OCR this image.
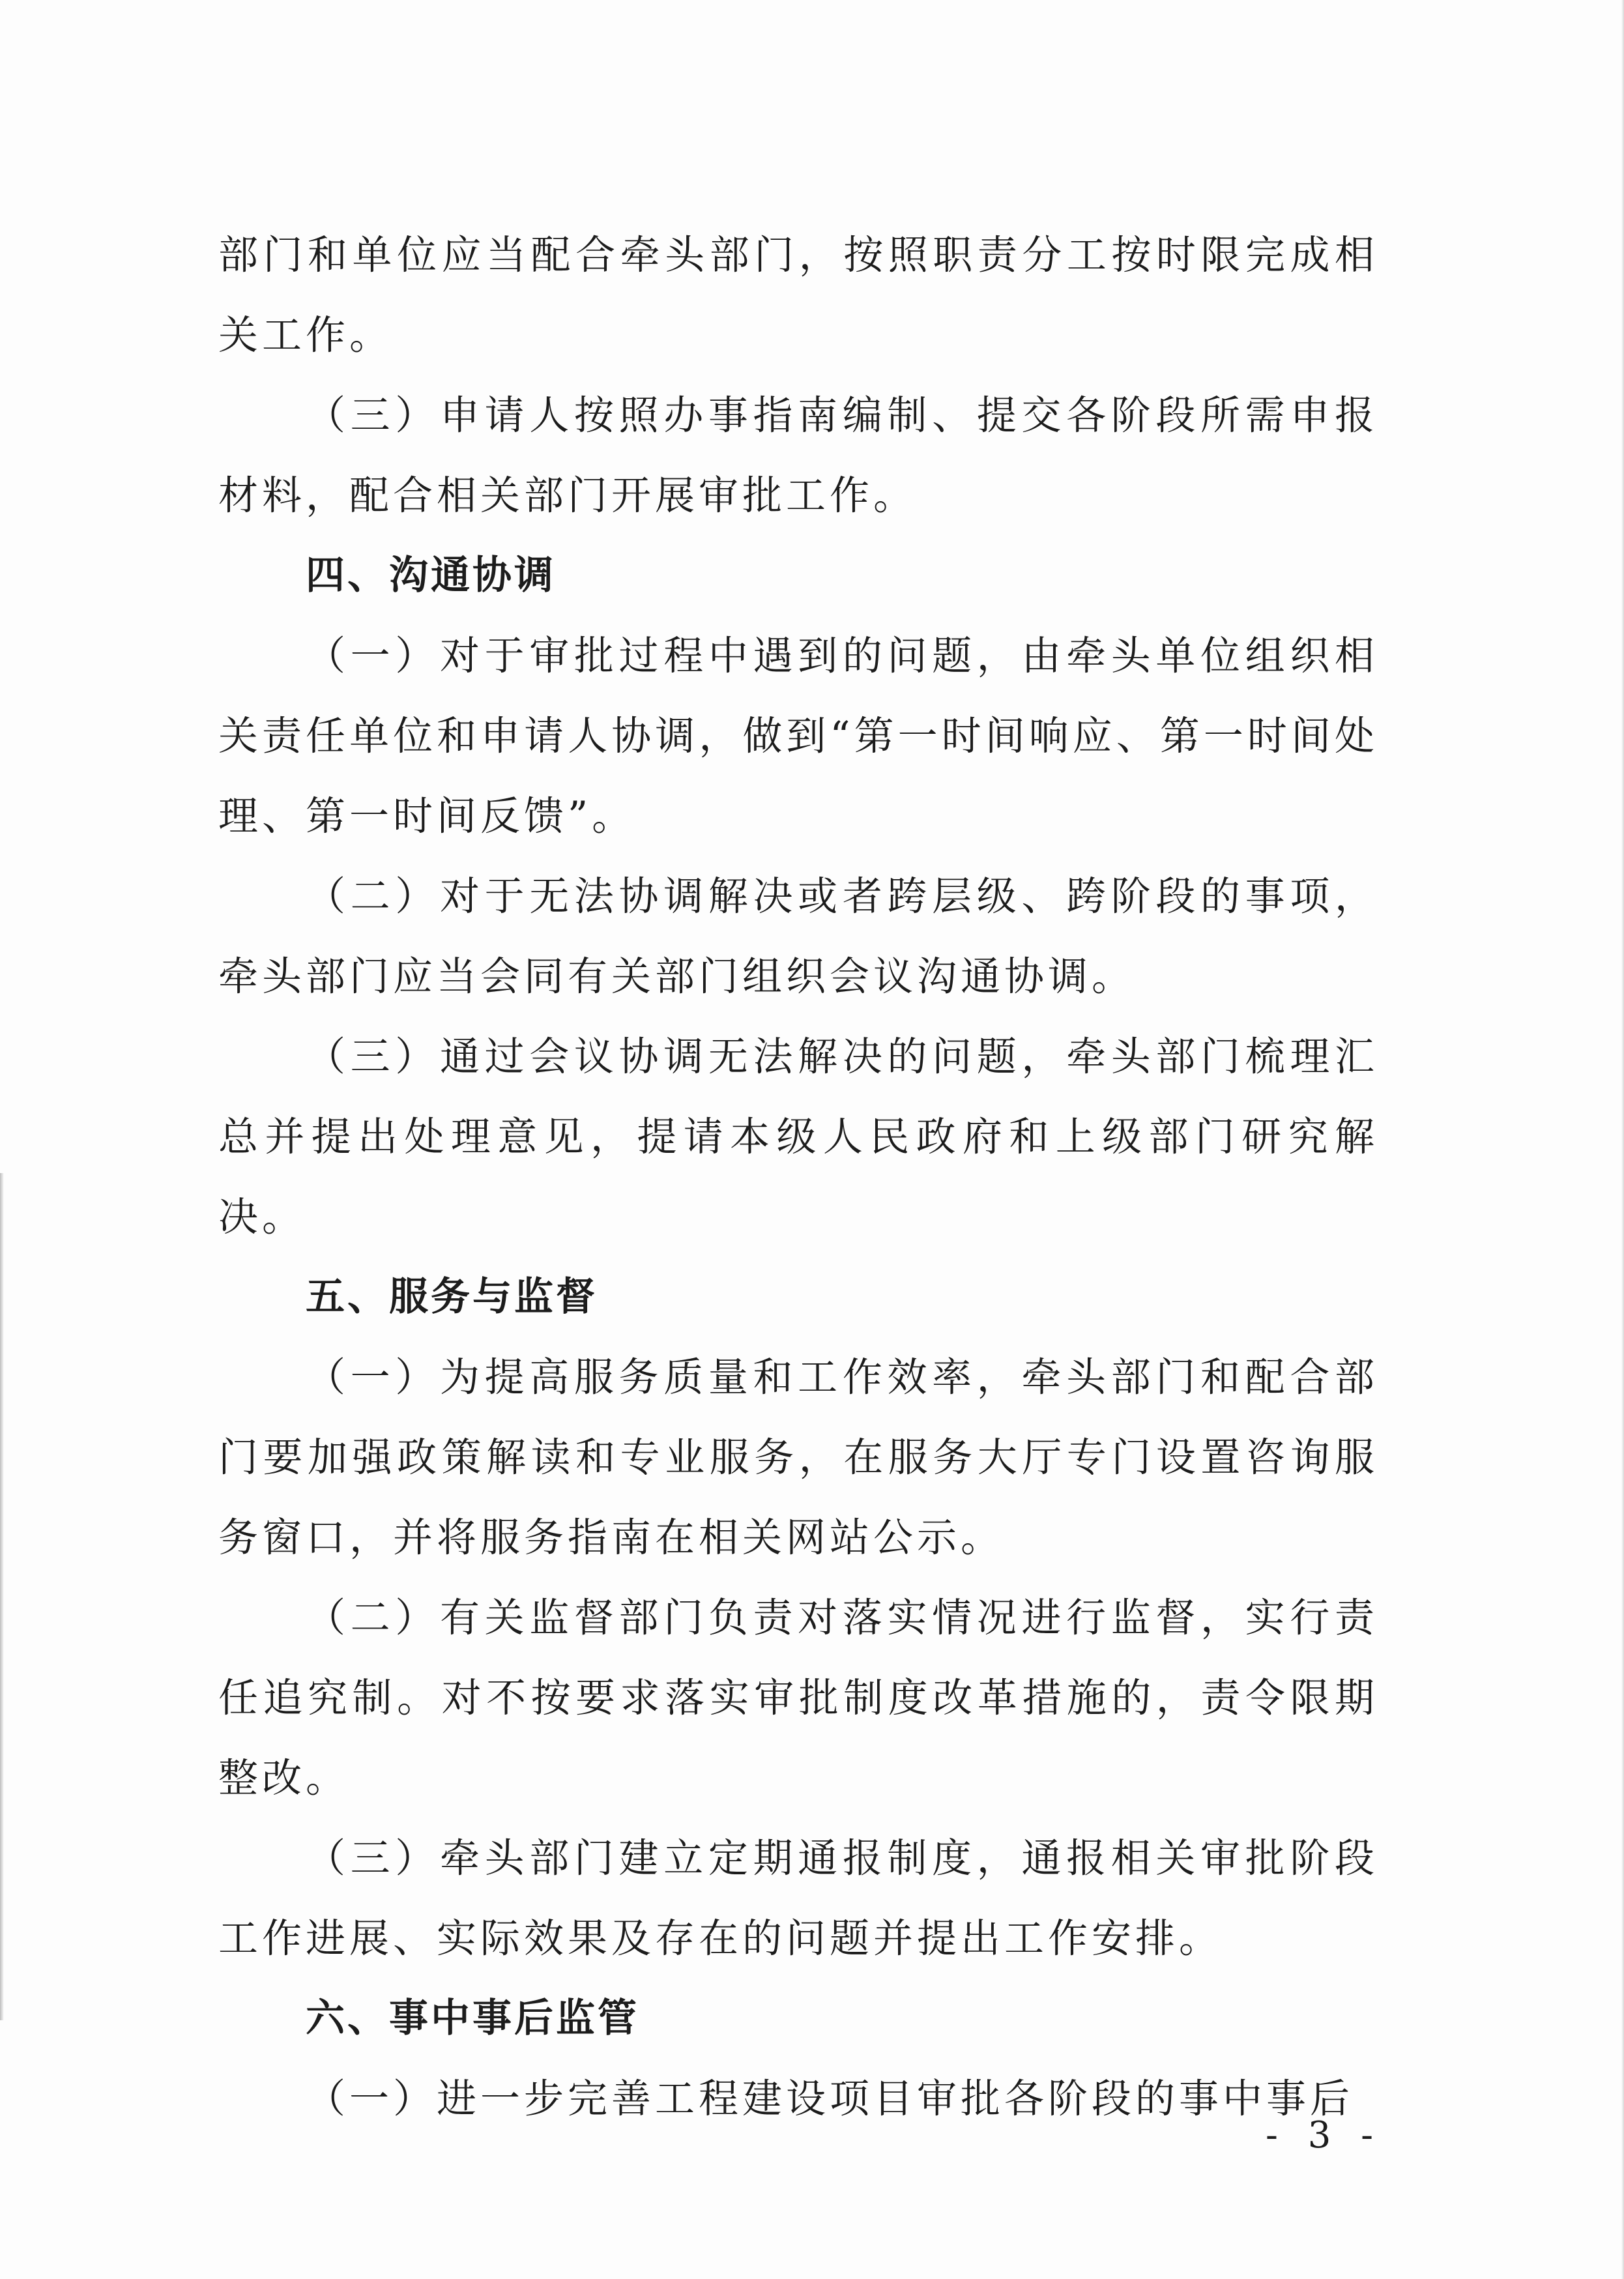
部门和单位应当配合牵头部门，按照职责分工按时限完成相关工作。

（三）申请人按照办事指南编制、提交各阶段所需申报材料，配合相关部门开展审批工作。

四、沟通协调

（一）对于审批过程中遇到的问题，由牵头单位组织相关责任单位和申请人协调，做到“第一时间响应、第一时间处理、第一时间反馈”。

（二）对于无法协调解决或者跨层级、跨阶段的事项，牵头部门应当会同有关部门组织会议沟通协调。

（三）通过会议协调无法解决的问题，牵头部门梳理汇总并提出处理意见，提请本级人民政府和上级部门研究解决。

五、服务与监督

（一）为提高服务质量和工作效率，牵头部门和配合部门要加强政策解读和专业服务，在服务大厅专门设置咨询服务窗口，并将服务指南在相关网站公示。

（二）有关监督部门负责对落实情况进行监督，实行责任追究制。对不按要求落实审批制度改革措施的，责令限期整改。

（三）牵头部门建立定期通报制度，通报相关审批阶段工作进展、实际效果及存在的问题并提出工作安排。

六、事中事后监管

（一）进一步完善工程建设项目审批各阶段的事中事后

- 3 -
